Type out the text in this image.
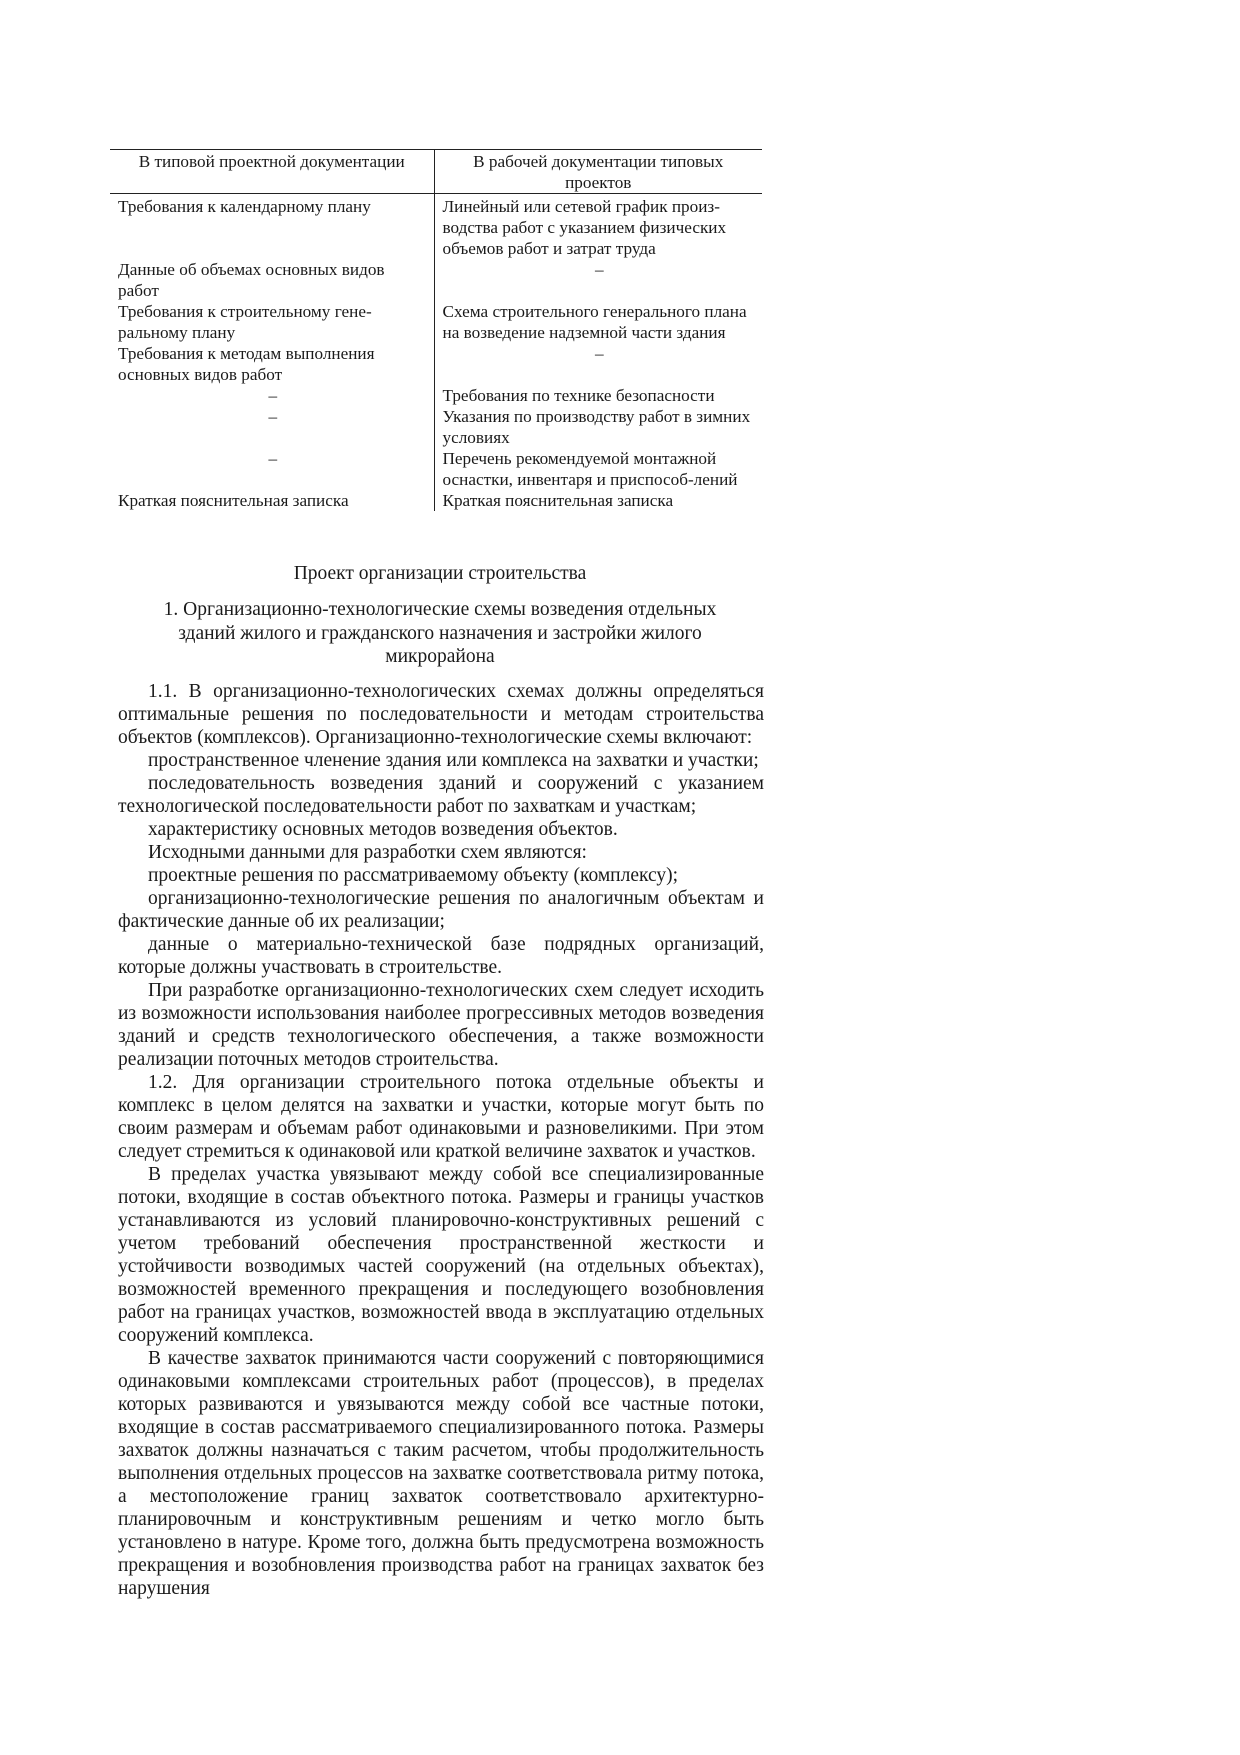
В типовой проектной документации	В рабочей документации типовых проектов
Требования к календарному плану	Линейный или сетевой график произ-водства работ с указанием физических объемов работ и затрат труда
Данные об объемах основных видов работ	–
Требования к строительному гене-ральному плану	Схема строительного генерального плана на возведение надземной части здания
Требования к методам выполнения основных видов работ	–
–	Требования по технике безопасности
–	Указания по производству работ в зимних условиях
–	Перечень рекомендуемой монтажной оснастки, инвентаря и приспособ-лений
Краткая пояснительная записка	Краткая пояснительная записка
Проект организации строительства
1. Организационно-технологические схемы возведения отдельных зданий жилого и гражданского назначения и застройки жилого микрорайона

1.1. В организационно-технологических схемах должны определяться оптимальные решения по последовательности и методам строительства объектов (комплексов). Организационно-технологические схемы включают:

пространственное членение здания или комплекса на захватки и участки;

последовательность возведения зданий и сооружений с указанием технологической последовательности работ по захваткам и участкам;

характеристику основных методов возведения объектов.

Исходными данными для разработки схем являются:

проектные решения по рассматриваемому объекту (комплексу);

организационно-технологические решения по аналогичным объектам и фактические данные об их реализации;

данные о материально-технической базе подрядных организаций, которые должны участвовать в строительстве.

При разработке организационно-технологических схем следует исходить из возможности использования наиболее прогрессивных методов возведения зданий и средств технологического обеспечения, а также возможности реализации поточных методов строительства.

1.2. Для организации строительного потока отдельные объекты и комплекс в целом делятся на захватки и участки, которые могут быть по своим размерам и объемам работ одинаковыми и разновеликими. При этом следует стремиться к одинаковой или краткой величине захваток и участков.

В пределах участка увязывают между собой все специализированные потоки, входящие в состав объектного потока. Размеры и границы участков устанавливаются из условий планировочно-конструктивных решений с учетом требований обеспечения пространственной жесткости и устойчивости возводимых частей сооружений (на отдельных объектах), возможностей временного прекращения и последующего возобновления работ на границах участков, возможностей ввода в эксплуатацию отдельных сооружений комплекса.

В качестве захваток принимаются части сооружений с повторяющимися одинаковыми комплексами строительных работ (процессов), в пределах которых развиваются и увязываются между собой все частные потоки, входящие в состав рассматриваемого специализированного потока. Размеры захваток должны назначаться с таким расчетом, чтобы продолжительность выполнения отдельных процессов на захватке соответствовала ритму потока, а местоположение границ захваток соответствовало архитектурно-планировочным и конструктивным решениям и четко могло быть установлено в натуре. Кроме того, должна быть предусмотрена возможность прекращения и возобновления производства работ на границах захваток без нарушения
